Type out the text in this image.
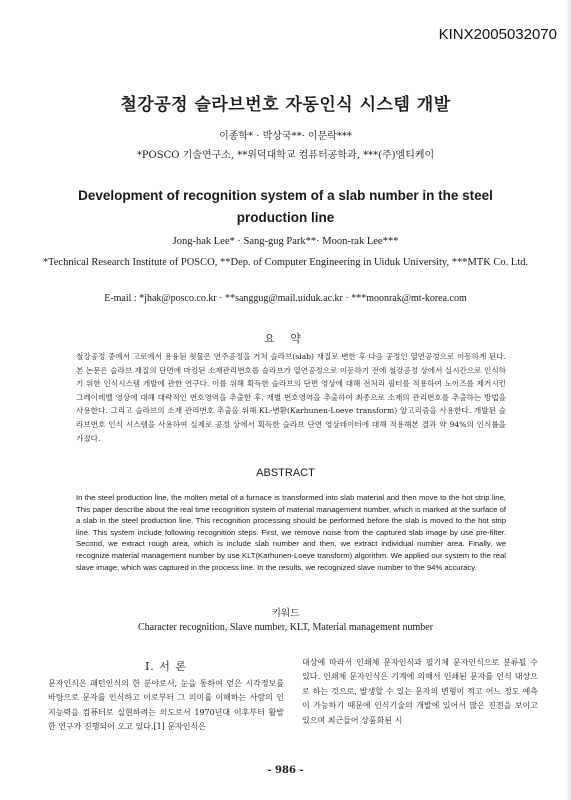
KINX2005032070
철강공정 슬라브번호 자동인식 시스템 개발
이종학* · 박상국**· 이문락***
*POSCO 기술연구소, **위덕대학교 컴퓨터공학과, ***(주)엠티케이
Development of recognition system of a slab number in the steel production line
Jong-hak Lee* · Sang-gug Park**· Moon-rak Lee***
*Technical Research Institute of POSCO, **Dep. of Computer Engineering in Uiduk University, ***MTK Co. Ltd.
E-mail : *jhak@posco.co.kr · **sanggug@mail.uiduk.ac.kr · ***moonrak@mt-korea.com
요 약
철강공정 중에서 고로에서 용융된 쇳물은 연주공정을 거쳐 슬라브(slab) 재질로 변한 후 다음 공정인 열연공정으로 이동하게 된다. 본 논문은 슬라브 재질의 단면에 마킹된 소재관리번호를 슬라브가 열연공정으로 이동하기 전에 철강공정 상에서 실시간으로 인식하기 위한 인식시스템 개발에 관한 연구다. 이를 위해 획득한 슬라브의 단면 영상에 대해 전처리 필터를 적용하여 노이즈를 제거시킨 그레이레벨 영상에 대해 대략적인 번호영역을 추출한 후, 개별 번호영역을 추출하여 최종으로 소재의 관리번호를 추출하는 방법을 사용한다. 그리고 슬라브의 소재 관리번호 추출을 위해 KL-변환(Karhunen-Loeve transform) 알고리즘을 사용한다. 개발된 슬라브번호 인식 시스템을 사용하여 실제로 공정 상에서 획득한 슬라브 단면 영상데이터에 대해 적용해본 결과 약 94%의 인식률을 가졌다.
ABSTRACT
In the steel production line, the molten metal of a furnace is transformed into slab material and then move to the hot strip line, This paper describe about the real time recognition system of material management number, which is marked at the surface of a slab in the steel production line. This recognition processing should be performed before the slab is moved to the hot strip line. This system include following recognition steps. First, we remove noise from the captured slab image by use pre-filter. Second, we extract rough area, which is include slab number and then, we extract individual number area. Finally, we recognize material management number by use KLT(Karhunen-Loeve transform) algorithm. We applied our system to the real slave image, which was captured in the process line. In the results, we recognized slave number to the 94% accuracy.
키워드
Character recognition, Slave number, KLT, Material management number
Ⅰ. 서 론
문자인식은 패턴인식의 한 분야로서, 눈을 통하여 얻은 시각정보를 바탕으로 문자를 인식하고 이로부터 그 의미를 이해하는 사람의 인지능력을 컴퓨터로 실현하려는 의도로서 1970년대 이후부터 활발한 연구가 진행되어 오고 있다.[1] 문자인식은
대상에 따라서 인쇄체 문자인식과 필기체 문자인식으로 분류될 수 있다. 인쇄체 문자인식은 기계에 의해서 인쇄된 문자를 인식 대상으로 하는 것으로, 발생할 수 있는 문자의 변형이 적고 어느 정도 예측이 가능하기 때문에 인식기술의 개발에 있어서 많은 진전을 보이고있으며 최근들어 상품화된 시
- 986 -
